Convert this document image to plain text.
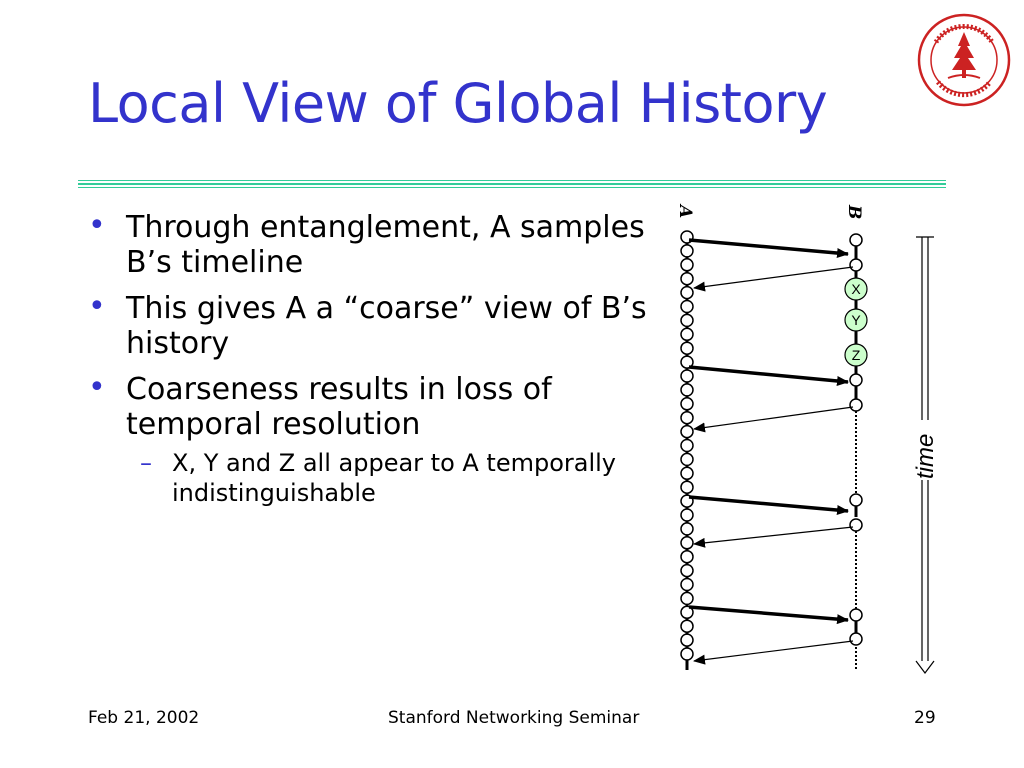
Local View of Global History
• Through entanglement, A samples B’s timeline
• This gives A a “coarse” view of B’s history
• Coarseness results in loss of temporal resolution
– X, Y and Z all appear to A temporally indistinguishable
A	B
X
Y
Z
time
Feb 21, 2002	Stanford Networking Seminar	29
